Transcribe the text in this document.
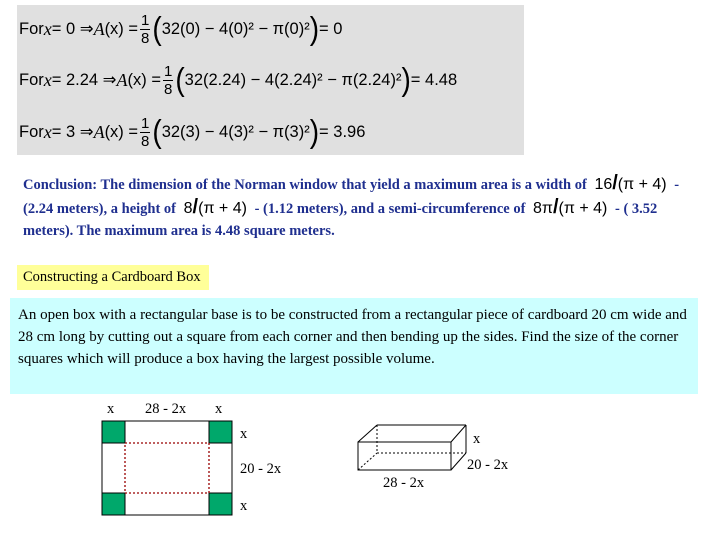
For x = 0 ⇒ A $(x) = \frac{1}{8}$ ( 32(0) − 4(0)² − π(0)² ) = 0
For x = 2.24 ⇒ A $(x) = \frac{1}{8}$ ( 32(2.24) − 4(2.24)² − π(2.24)² ) = 4.48
For x = 3 ⇒ A $(x) = \frac{1}{8}$ ( 32(3) − 4(3)² − π(3)² ) = 3.96
Conclusion: The dimension of the Norman window that yield a maximum area is a width of 16/(π + 4) - (2.24 meters), a height of 8/(π + 4) - (1.12 meters), and a semi-circumference of 8π/(π + 4) - ( 3.52 meters). The maximum area is 4.48 square meters.
Constructing a Cardboard Box
An open box with a rectangular base is to be constructed from a rectangular piece of cardboard 20 cm wide and 28 cm long by cutting out a square from each corner and then bending up the sides. Find the size of the corner squares which will produce a box having the largest possible volume.
x 28 - 2x x
x
20 - 2x
x
x
20 - 2x
28 - 2x
